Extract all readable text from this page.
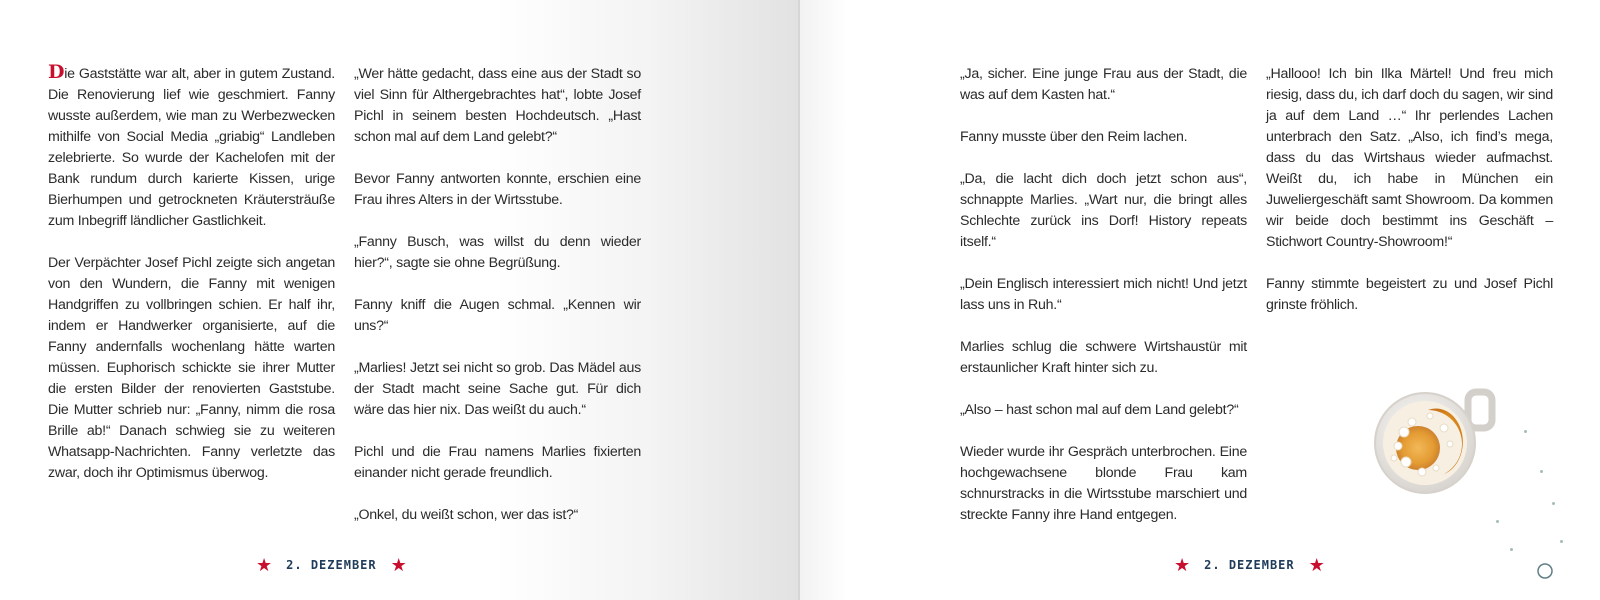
Die Gaststätte war alt, aber in gutem Zustand. Die Renovierung lief wie geschmiert. Fanny wusste außerdem, wie man zu Werbezwecken mithilfe von Social Media „griabig“ Landleben zelebrierte. So wurde der Kachelofen mit der Bank rundum durch karierte Kissen, urige Bierhumpen und getrockneten Kräutersträuße zum Inbegriff ländlicher Gastlichkeit.

Der Verpächter Josef Pichl zeigte sich angetan von den Wundern, die Fanny mit wenigen Handgriffen zu vollbringen schien. Er half ihr, indem er Handwerker organisierte, auf die Fanny andernfalls wochenlang hätte warten müssen. Euphorisch schickte sie ihrer Mutter die ersten Bilder der renovierten Gaststube. Die Mutter schrieb nur: „Fanny, nimm die rosa Brille ab!“ Danach schwieg sie zu weiteren Whatsapp-Nachrichten. Fanny verletzte das zwar, doch ihr Optimismus überwog.

„Wer hätte gedacht, dass eine aus der Stadt so viel Sinn für Althergebrachtes hat“, lobte Josef Pichl in seinem besten Hochdeutsch. „Hast schon mal auf dem Land gelebt?“

Bevor Fanny antworten konnte, erschien eine Frau ihres Alters in der Wirtsstube.

„Fanny Busch, was willst du denn wieder hier?“, sagte sie ohne Begrüßung.

Fanny kniff die Augen schmal. „Kennen wir uns?“

„Marlies! Jetzt sei nicht so grob. Das Mädel aus der Stadt macht seine Sache gut. Für dich wäre das hier nix. Das weißt du auch.“

Pichl und die Frau namens Marlies fixierten einander nicht gerade freundlich.

„Onkel, du weißt schon, wer das ist?“

★ 2. DEZEMBER ★	★ 2. DEZEMBER ★

„Ja, sicher. Eine junge Frau aus der Stadt, die was auf dem Kasten hat.“

Fanny musste über den Reim lachen.

„Da, die lacht dich doch jetzt schon aus“, schnappte Marlies. „Wart nur, die bringt alles Schlechte zurück ins Dorf! History repeats itself.“

„Dein Englisch interessiert mich nicht! Und jetzt lass uns in Ruh.“

Marlies schlug die schwere Wirtshaustür mit erstaunlicher Kraft hinter sich zu.

„Also – hast schon mal auf dem Land gelebt?“

Wieder wurde ihr Gespräch unterbrochen. Eine hochgewachsene blonde Frau kam schnurstracks in die Wirtsstube marschiert und streckte Fanny ihre Hand entgegen.

„Hallooo! Ich bin Ilka Märtel! Und freu mich riesig, dass du, ich darf doch du sagen, wir sind ja auf dem Land …“ Ihr perlendes Lachen unterbrach den Satz. „Also, ich find’s mega, dass du das Wirtshaus wieder aufmachst. Weißt du, ich habe in München ein Juweliergeschäft samt Showroom. Da kommen wir beide doch bestimmt ins Geschäft – Stichwort Country-Showroom!“

Fanny stimmte begeistert zu und Josef Pichl grinste fröhlich.
